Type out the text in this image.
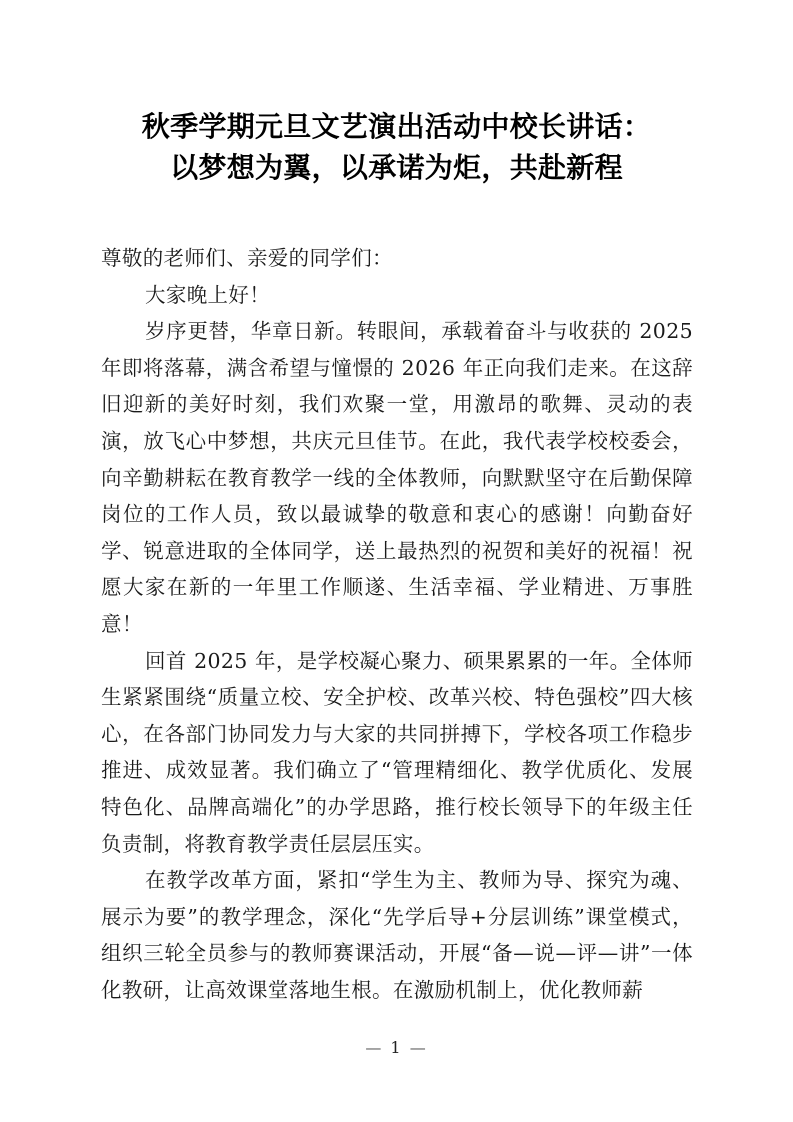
秋季学期元旦文艺演出活动中校长讲话：
以梦想为翼，以承诺为炬，共赴新程

尊敬的老师们、亲爱的同学们：

大家晚上好！

岁序更替，华章日新。转眼间，承载着奋斗与收获的 2025 年即将落幕，满含希望与憧憬的 2026 年正向我们走来。在这辞旧迎新的美好时刻，我们欢聚一堂，用激昂的歌舞、灵动的表演，放飞心中梦想，共庆元旦佳节。在此，我代表学校校委会，向辛勤耕耘在教育教学一线的全体教师，向默默坚守在后勤保障岗位的工作人员，致以最诚挚的敬意和衷心的感谢！向勤奋好学、锐意进取的全体同学，送上最热烈的祝贺和美好的祝福！祝愿大家在新的一年里工作顺遂、生活幸福、学业精进、万事胜意！

回首 2025 年，是学校凝心聚力、硕果累累的一年。全体师生紧紧围绕“质量立校、安全护校、改革兴校、特色强校”四大核心，在各部门协同发力与大家的共同拼搏下，学校各项工作稳步推进、成效显著。我们确立了“管理精细化、教学优质化、发展特色化、品牌高端化”的办学思路，推行校长领导下的年级主任负责制，将教育教学责任层层压实。

在教学改革方面，紧扣“学生为主、教师为导、探究为魂、展示为要”的教学理念，深化“先学后导+分层训练”课堂模式，组织三轮全员参与的教师赛课活动，开展“备—说—评—讲”一体化教研，让高效课堂落地生根。在激励机制上，优化教师薪

— 1 —
